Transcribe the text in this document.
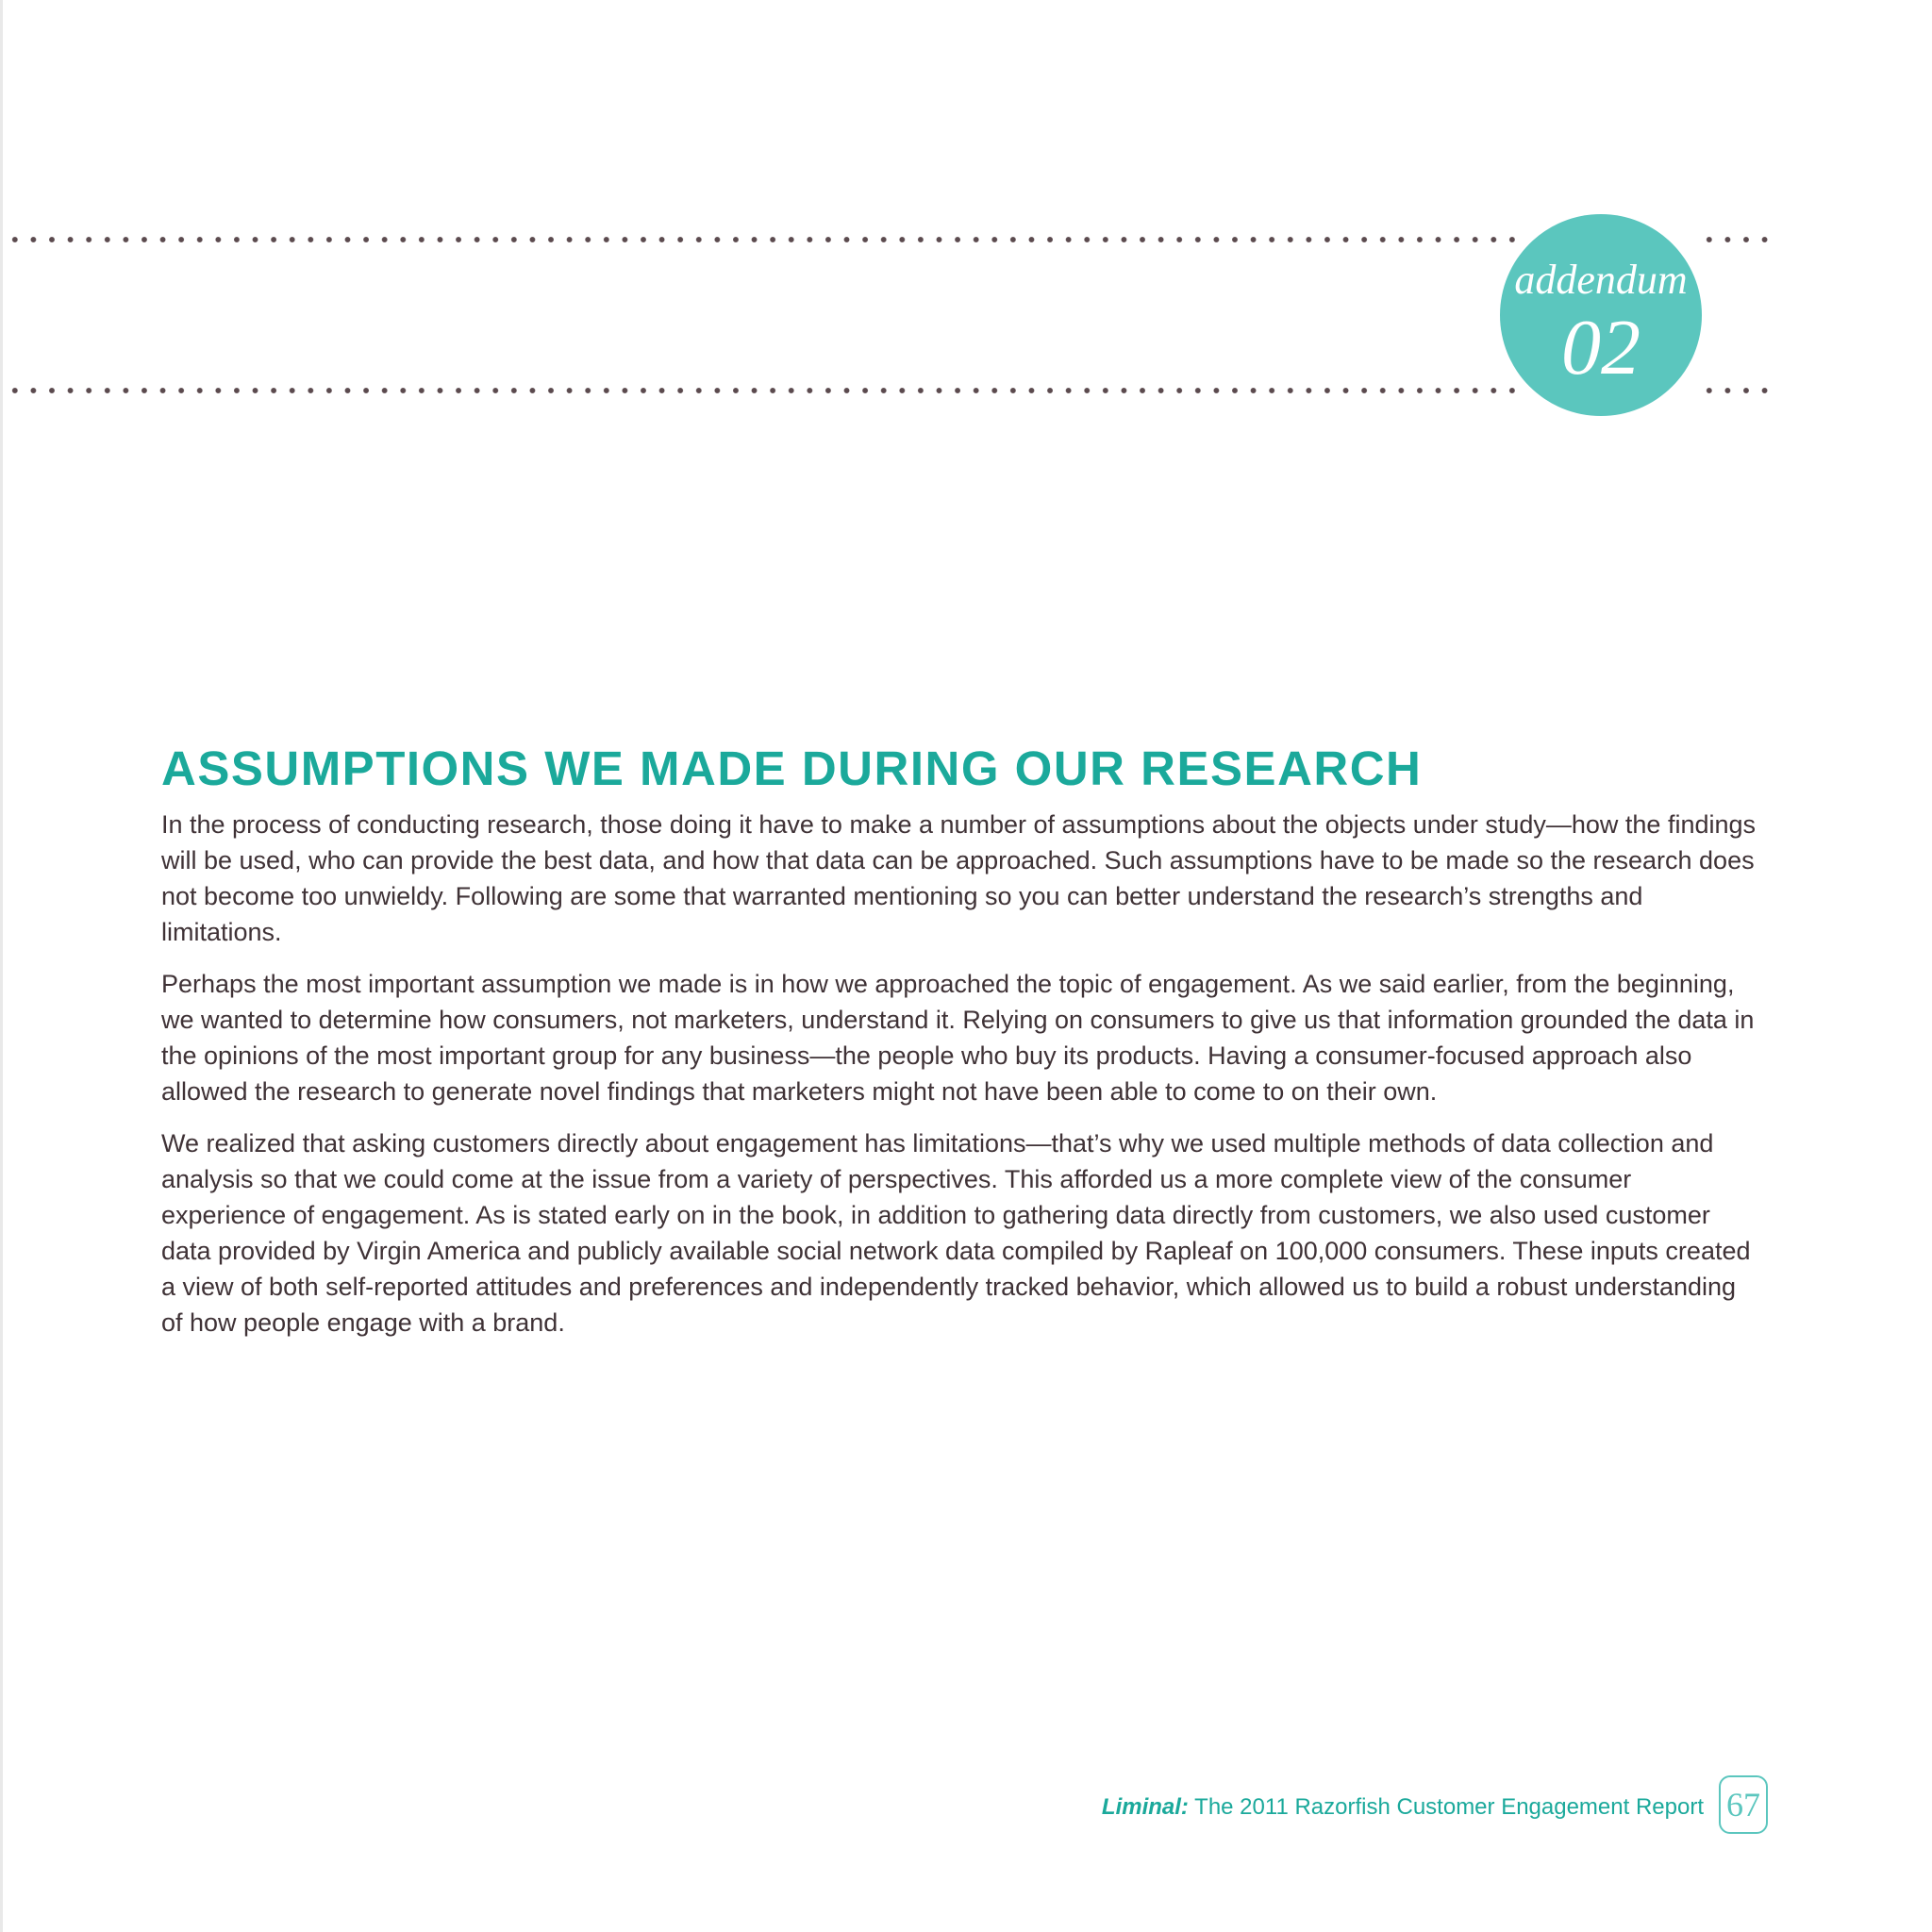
addendum
02
ASSUMPTIONS WE MADE DURING OUR RESEARCH

In the process of conducting research, those doing it have to make a number of assumptions about the objects under study—how the findings will be used, who can provide the best data, and how that data can be approached. Such assumptions have to be made so the research does not become too unwieldy. Following are some that warranted mentioning so you can better understand the research’s strengths and limitations.

Perhaps the most important assumption we made is in how we approached the topic of engagement. As we said earlier, from the beginning, we wanted to determine how consumers, not marketers, understand it. Relying on consumers to give us that information grounded the data in the opinions of the most important group for any business—the people who buy its products. Having a consumer-focused approach also allowed the research to generate novel findings that marketers might not have been able to come to on their own.

We realized that asking customers directly about engagement has limitations—that’s why we used multiple methods of data collection and analysis so that we could come at the issue from a variety of perspectives. This afforded us a more complete view of the consumer experience of engagement. As is stated early on in the book, in addition to gathering data directly from customers, we also used customer data provided by Virgin America and publicly available social network data compiled by Rapleaf on 100,000 consumers. These inputs created a view of both self-reported attitudes and preferences and independently tracked behavior, which allowed us to build a robust understanding of how people engage with a brand.

Liminal: The 2011 Razorfish Customer Engagement Report 67
